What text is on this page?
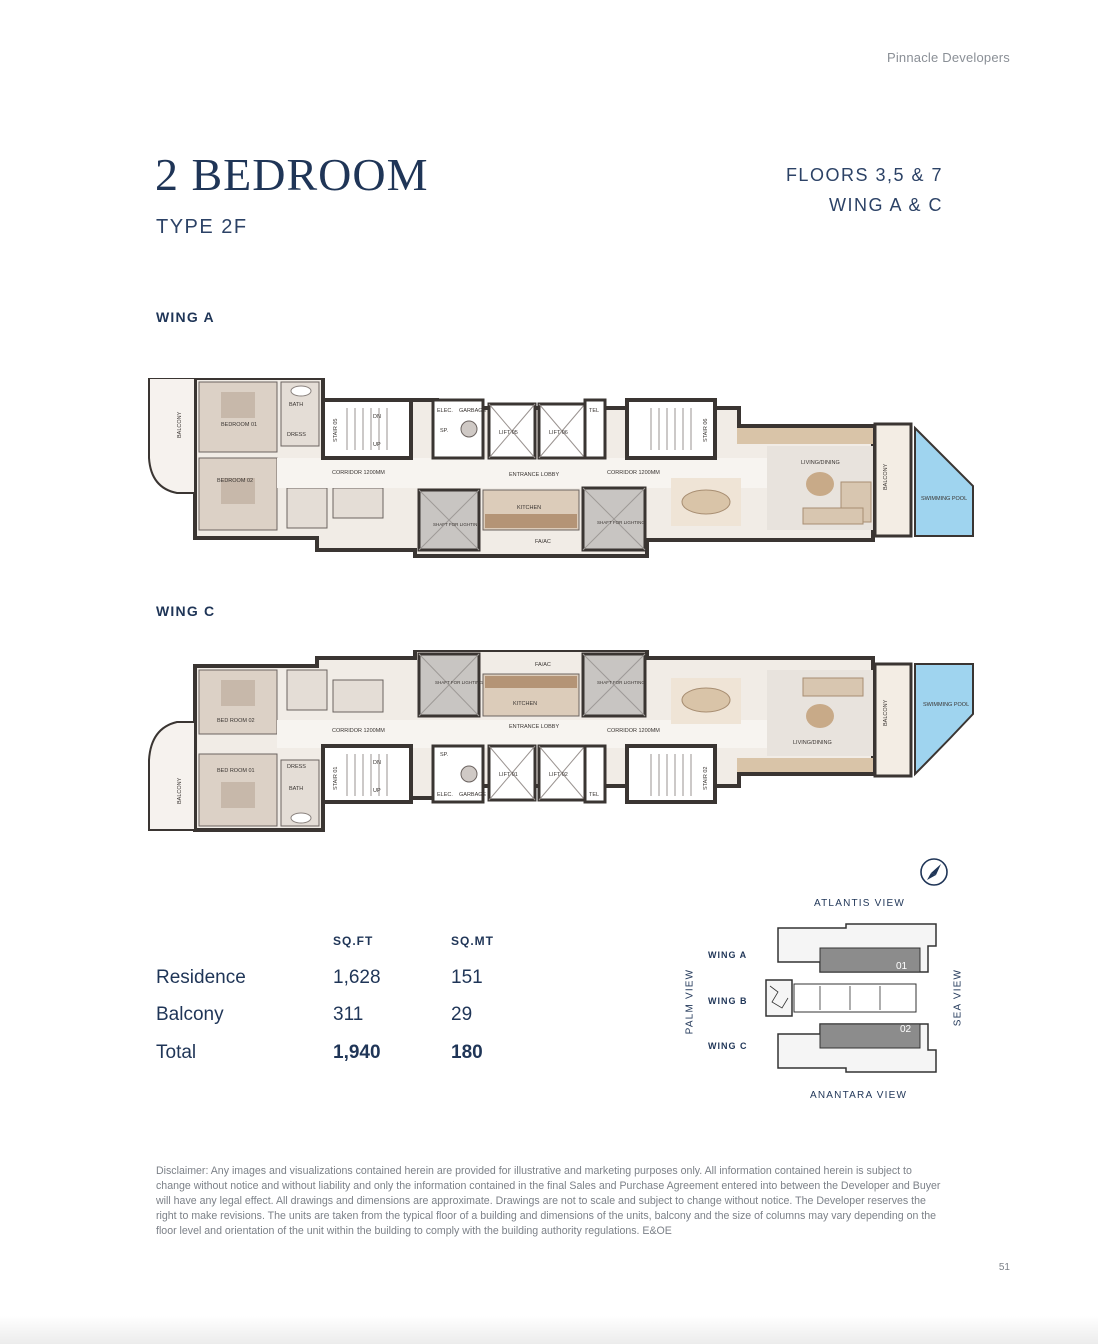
Pinnacle Developers
2 BEDROOM
TYPE 2F
FLOORS 3,5 & 7
WING A & C
WING A
BALCONY	BEDROOM 01
BEDROOM 02
BATH
DRESS	STAIR 05	STAIR 06
LIFT 05	LIFT 06
ELEC. GARBAGE	TEL
SP.
CORRIDOR 1200MM	CORRIDOR 1200MM
ENTRANCE LOBBY
KITCHEN
LIVING/DINING
BALCONY
SWIMMING POOL
FA/AC
DN
UP
SHAFT FOR LIGHTING	SHAFT FOR LIGHTING
WING C
BALCONY
BED ROOM 01
BED ROOM 02
BATH
DRESS	STAIR 01	STAIR 02
LIFT 01	LIFT 02
ELEC. GARBAGE	TEL
SP.
CORRIDOR 1200MM	CORRIDOR 1200MM
ENTRANCE LOBBY
KITCHEN
LIVING/DINING
BALCONY	SWIMMING POOL
FA/AC
DN
UP
SHAFT FOR LIGHTING	SHAFT FOR LIGHTING
SQ.FT	SQ.MT
Residence	1,628	151
Balcony	311	29
Total	1,940	180
ATLANTIS VIEW
ANANTARA VIEW
PALM VIEW	SEA VIEW
WING A
WING B
WING C
01
02
Disclaimer: Any images and visualizations contained herein are provided for illustrative and marketing purposes only. All information contained herein is subject to change without notice and without liability and only the information contained in the final Sales and Purchase Agreement entered into between the Developer and Buyer will have any legal effect. All drawings and dimensions are approximate. Drawings are not to scale and subject to change without notice. The Developer reserves the right to make revisions. The units are taken from the typical floor of a building and dimensions of the units, balcony and the size of columns may vary depending on the floor level and orientation of the unit within the building to comply with the building authority regulations. E&OE
51
